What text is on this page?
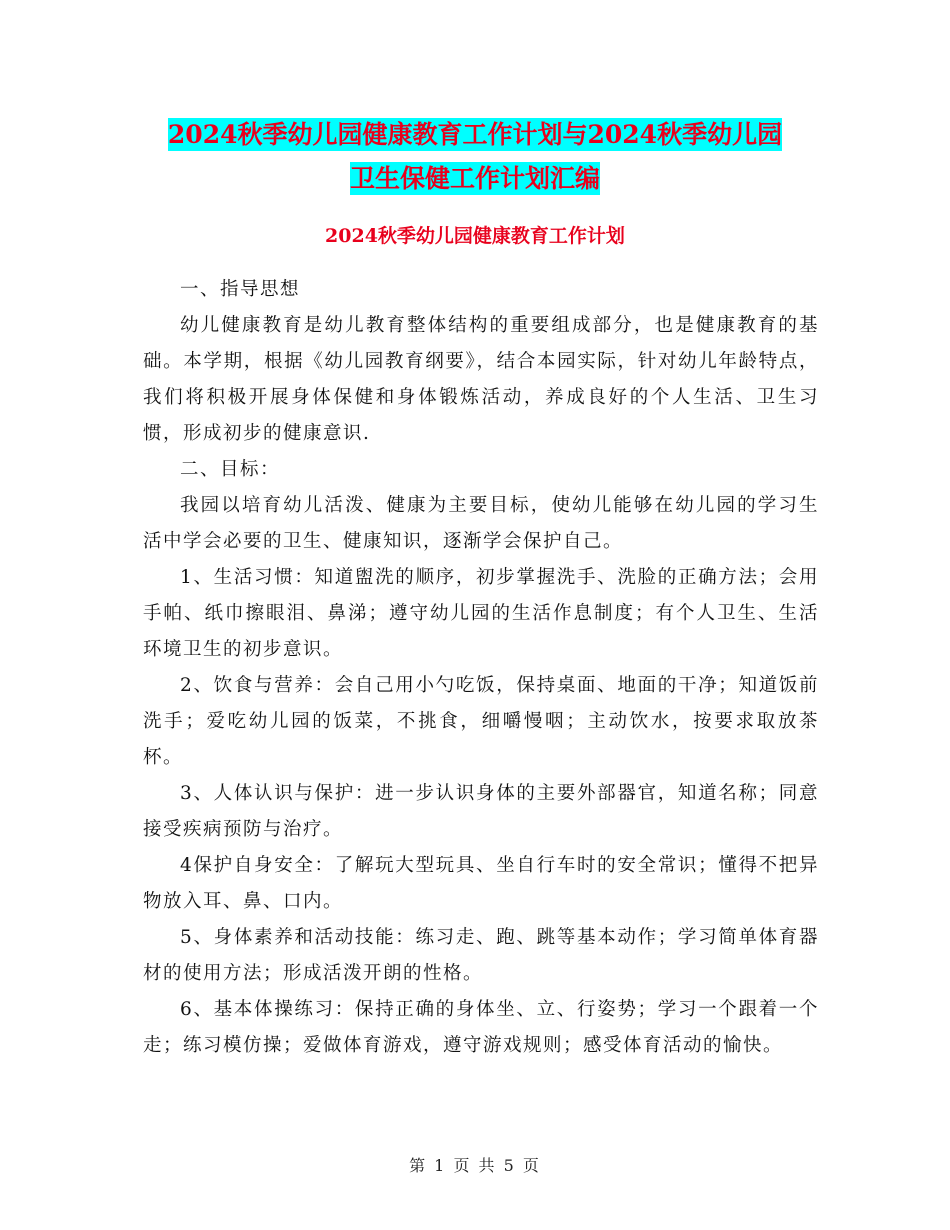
2024秋季幼儿园健康教育工作计划与2024秋季幼儿园
卫生保健工作计划汇编
2024秋季幼儿园健康教育工作计划

一、指导思想

幼儿健康教育是幼儿教育整体结构的重要组成部分，也是健康教育的基础。本学期，根据《幼儿园教育纲要》，结合本园实际，针对幼儿年龄特点，我们将积极开展身体保健和身体锻炼活动，养成良好的个人生活、卫生习惯，形成初步的健康意识.

二、目标：

我园以培育幼儿活泼、健康为主要目标，使幼儿能够在幼儿园的学习生活中学会必要的卫生、健康知识，逐渐学会保护自己。

1、生活习惯：知道盥洗的顺序，初步掌握洗手、洗脸的正确方法；会用手帕、纸巾擦眼泪、鼻涕；遵守幼儿园的生活作息制度；有个人卫生、生活环境卫生的初步意识。

2、饮食与营养：会自己用小勺吃饭，保持桌面、地面的干净；知道饭前洗手；爱吃幼儿园的饭菜，不挑食，细嚼慢咽；主动饮水，按要求取放茶杯。

3、人体认识与保护：进一步认识身体的主要外部器官，知道名称；同意接受疾病预防与治疗。

4保护自身安全：了解玩大型玩具、坐自行车时的安全常识；懂得不把异物放入耳、鼻、口内。

5、身体素养和活动技能：练习走、跑、跳等基本动作；学习简单体育器材的使用方法；形成活泼开朗的性格。

6、基本体操练习：保持正确的身体坐、立、行姿势；学习一个跟着一个走；练习模仿操；爱做体育游戏，遵守游戏规则；感受体育活动的愉快。

第 1 页 共 5 页
